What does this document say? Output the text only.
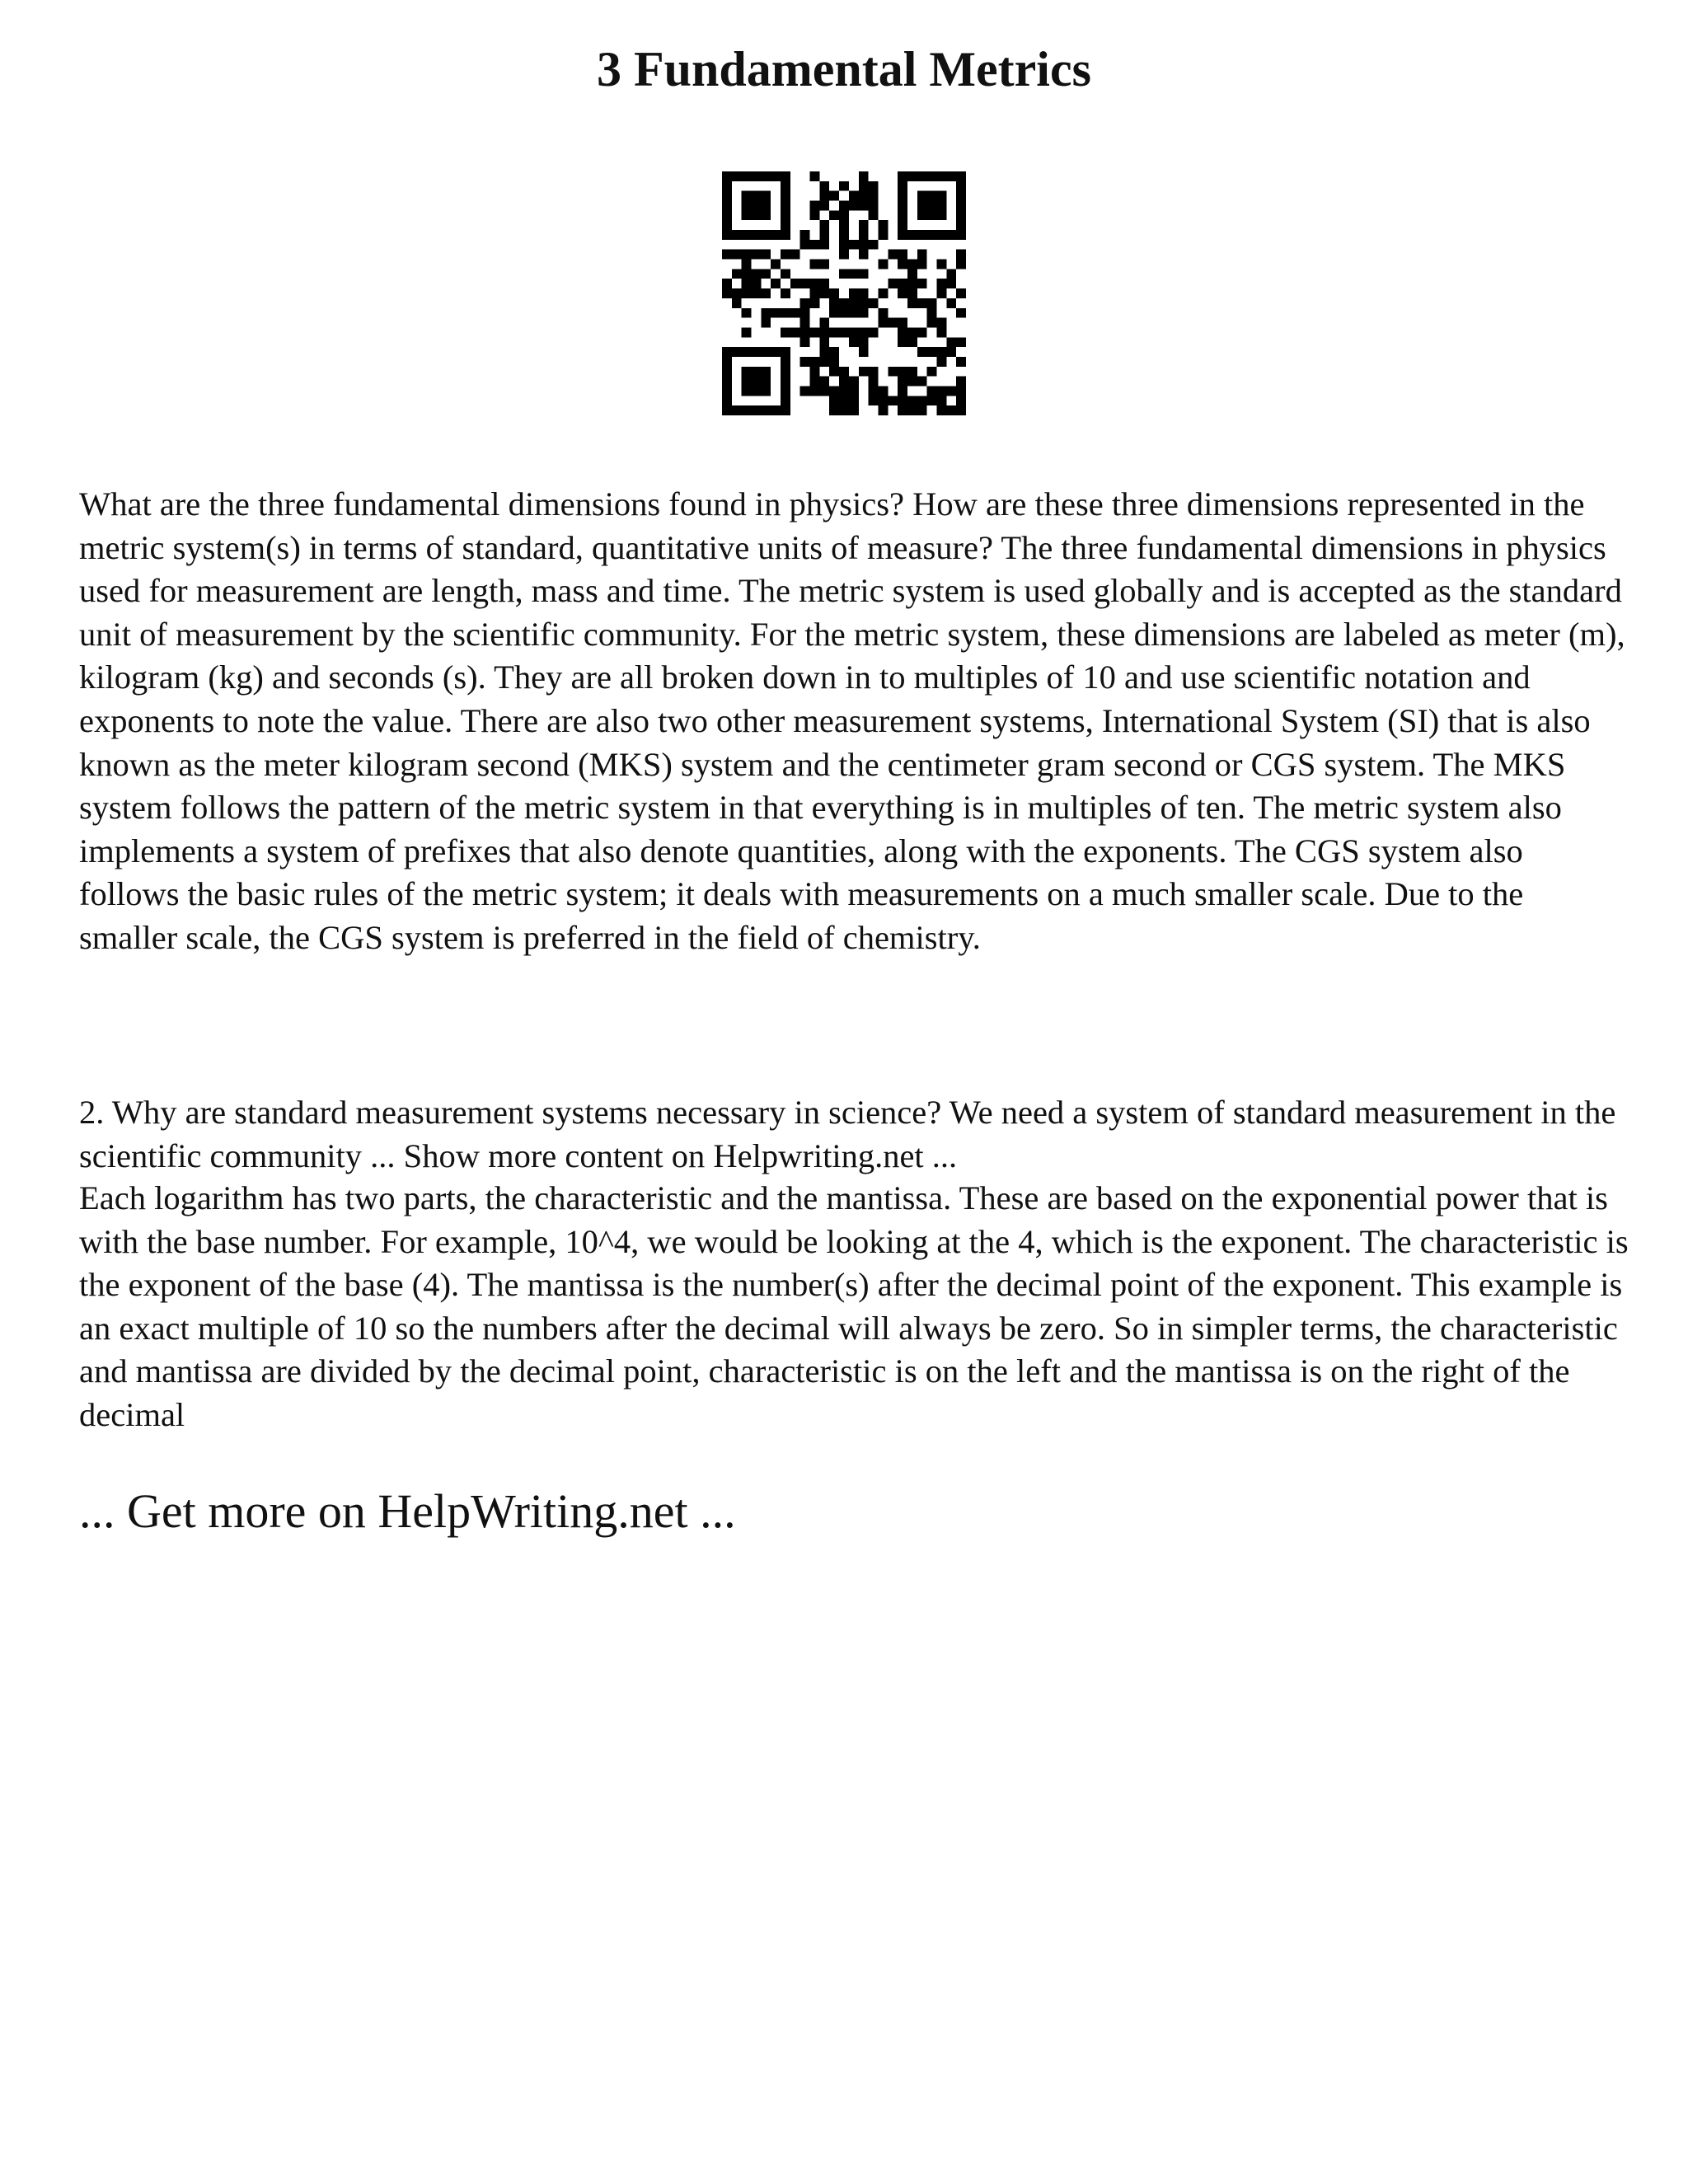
3 Fundamental Metrics

What are the three fundamental dimensions found in physics? How are these three dimensions represented in the metric system(s) in terms of standard, quantitative units of measure? The three fundamental dimensions in physics used for measurement are length, mass and time. The metric system is used globally and is accepted as the standard unit of measurement by the scientific community. For the metric system, these dimensions are labeled as meter (m), kilogram (kg) and seconds (s). They are all broken down in to multiples of 10 and use scientific notation and exponents to note the value. There are also two other measurement systems, International System (SI) that is also known as the meter kilogram second (MKS) system and the centimeter gram second or CGS system. The MKS system follows the pattern of the metric system in that everything is in multiples of ten. The metric system also implements a system of prefixes that also denote quantities, along with the exponents. The CGS system also follows the basic rules of the metric system; it deals with measurements on a much smaller scale. Due to the smaller scale, the CGS system is preferred in the field of chemistry.

2. Why are standard measurement systems necessary in science? We need a system of standard measurement in the scientific community ... Show more content on Helpwriting.net ...

Each logarithm has two parts, the characteristic and the mantissa. These are based on the exponential power that is with the base number. For example, 10^4, we would be looking at the 4, which is the exponent. The characteristic is the exponent of the base (4). The mantissa is the number(s) after the decimal point of the exponent. This example is an exact multiple of 10 so the numbers after the decimal will always be zero. So in simpler terms, the characteristic and mantissa are divided by the decimal point, characteristic is on the left and the mantissa is on the right of the decimal

... Get more on HelpWriting.net ...
